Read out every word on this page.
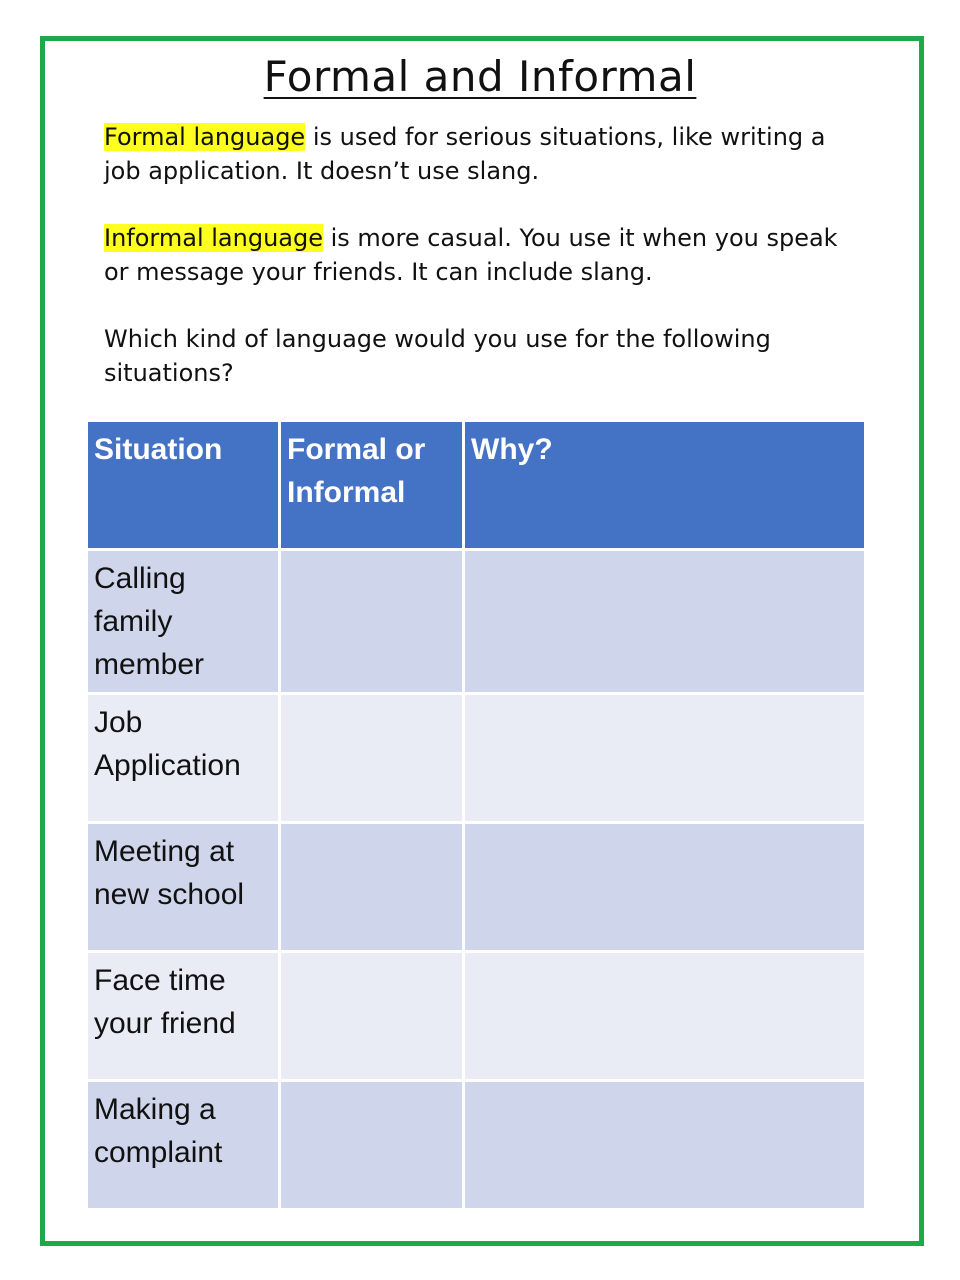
Formal and Informal
Formal language is used for serious situations, like writing a job application. It doesn’t use slang.
Informal language is more casual. You use it when you speak or message your friends. It can include slang.
Which kind of language would you use for the following situations?
Situation	Formal or Informal	Why?
Calling family member		
Job Application		
Meeting at new school		
Face time your friend		
Making a complaint		
